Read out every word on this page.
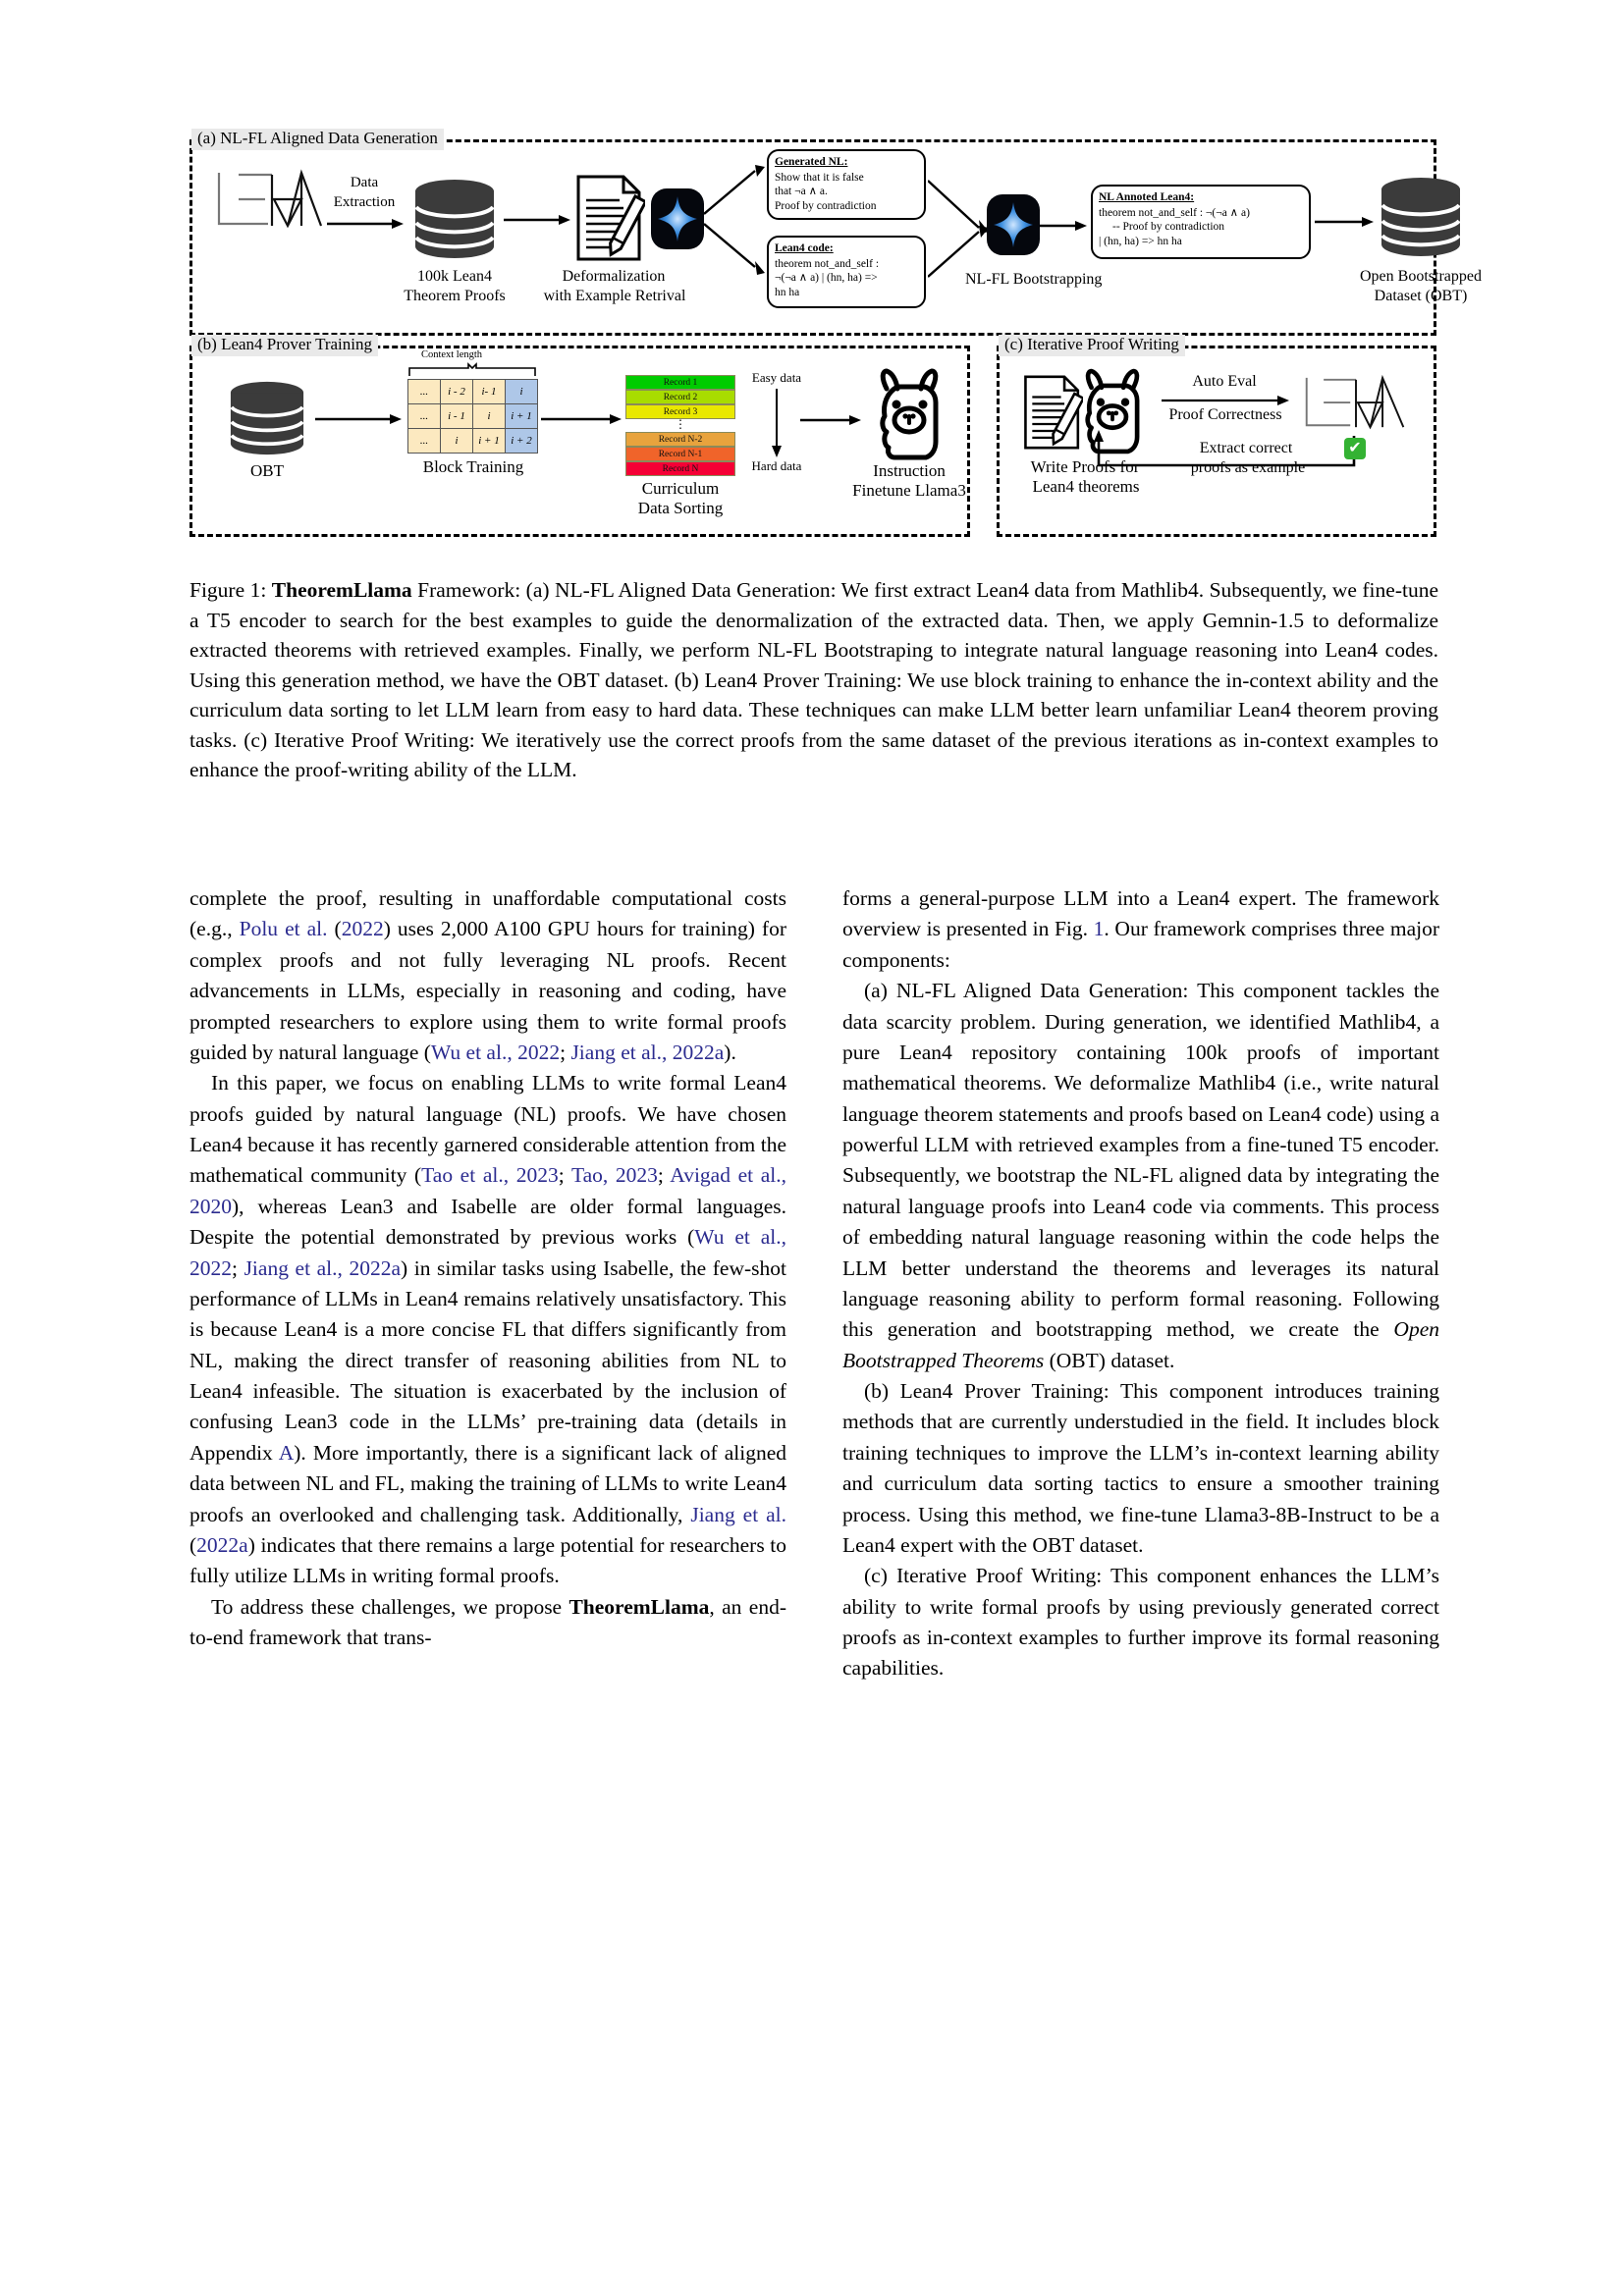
(a) NL-FL Aligned Data Generation
Data
Extraction
100k Lean4
Theorem Proofs
Deformalization
with Example Retrival
Generated NL:
Show that it is false
that ¬a ∧ a.
Proof by contradiction
Lean4 code:
theorem not_and_self :
¬(¬a ∧ a) | (hn, ha) =>
hn ha
NL-FL Bootstrapping
NL Annoted Lean4:
theorem not_and_self : ¬(¬a ∧ a)
-- Proof by contradiction
| (hn, ha) => hn ha
Open Bootstrapped
Dataset (OBT)
(b) Lean4 Prover Training
OBT
Context length
...	i - 2	i- 1	i
...	i - 1	i	i + 1
...	i	i + 1	i + 2
Block Training
Record 1
Record 2
Record 3
⋮
Record N-2
Record N-1
Record N
Curriculum
Data Sorting
Easy data
Hard data	Instruction
Finetune Llama3
(c) Iterative Proof Writing
Write Proofs for
Lean4 theorems
Auto Eval
Proof Correctness
Extract correct
proofs as example
✔
Figure 1: TheoremLlama Framework: (a) NL-FL Aligned Data Generation: We first extract Lean4 data from Mathlib4. Subsequently, we fine-tune a T5 encoder to search for the best examples to guide the denormalization of the extracted data. Then, we apply Gemnin-1.5 to deformalize extracted theorems with retrieved examples. Finally, we perform NL-FL Bootstraping to integrate natural language reasoning into Lean4 codes. Using this generation method, we have the OBT dataset. (b) Lean4 Prover Training: We use block training to enhance the in-context ability and the curriculum data sorting to let LLM learn from easy to hard data. These techniques can make LLM better learn unfamiliar Lean4 theorem proving tasks. (c) Iterative Proof Writing: We iteratively use the correct proofs from the same dataset of the previous iterations as in-context examples to enhance the proof-writing ability of the LLM.

complete the proof, resulting in unaffordable computational costs (e.g., Polu et al. (2022) uses 2,000 A100 GPU hours for training) for complex proofs and not fully leveraging NL proofs. Recent advancements in LLMs, especially in reasoning and coding, have prompted researchers to explore using them to write formal proofs guided by natural language (Wu et al., 2022; Jiang et al., 2022a).

In this paper, we focus on enabling LLMs to write formal Lean4 proofs guided by natural language (NL) proofs. We have chosen Lean4 because it has recently garnered considerable attention from the mathematical community (Tao et al., 2023; Tao, 2023; Avigad et al., 2020), whereas Lean3 and Isabelle are older formal languages. Despite the potential demonstrated by previous works (Wu et al., 2022; Jiang et al., 2022a) in similar tasks using Isabelle, the few-shot performance of LLMs in Lean4 remains relatively unsatisfactory. This is because Lean4 is a more concise FL that differs significantly from NL, making the direct transfer of reasoning abilities from NL to Lean4 infeasible. The situation is exacerbated by the inclusion of confusing Lean3 code in the LLMs’ pre-training data (details in Appendix A). More importantly, there is a significant lack of aligned data between NL and FL, making the training of LLMs to write Lean4 proofs an overlooked and challenging task. Additionally, Jiang et al. (2022a) indicates that there remains a large potential for researchers to fully utilize LLMs in writing formal proofs.

To address these challenges, we propose TheoremLlama, an end-to-end framework that trans-

forms a general-purpose LLM into a Lean4 expert. The framework overview is presented in Fig. 1. Our framework comprises three major components:

(a) NL-FL Aligned Data Generation: This component tackles the data scarcity problem. During generation, we identified Mathlib4, a pure Lean4 repository containing 100k proofs of important mathematical theorems. We deformalize Mathlib4 (i.e., write natural language theorem statements and proofs based on Lean4 code) using a powerful LLM with retrieved examples from a fine-tuned T5 encoder. Subsequently, we bootstrap the NL-FL aligned data by integrating the natural language proofs into Lean4 code via comments. This process of embedding natural language reasoning within the code helps the LLM better understand the theorems and leverages its natural language reasoning ability to perform formal reasoning. Following this generation and bootstrapping method, we create the Open Bootstrapped Theorems (OBT) dataset.

(b) Lean4 Prover Training: This component introduces training methods that are currently understudied in the field. It includes block training techniques to improve the LLM’s in-context learning ability and curriculum data sorting tactics to ensure a smoother training process. Using this method, we fine-tune Llama3-8B-Instruct to be a Lean4 expert with the OBT dataset.

(c) Iterative Proof Writing: This component enhances the LLM’s ability to write formal proofs by using previously generated correct proofs as in-context examples to further improve its formal reasoning capabilities.
